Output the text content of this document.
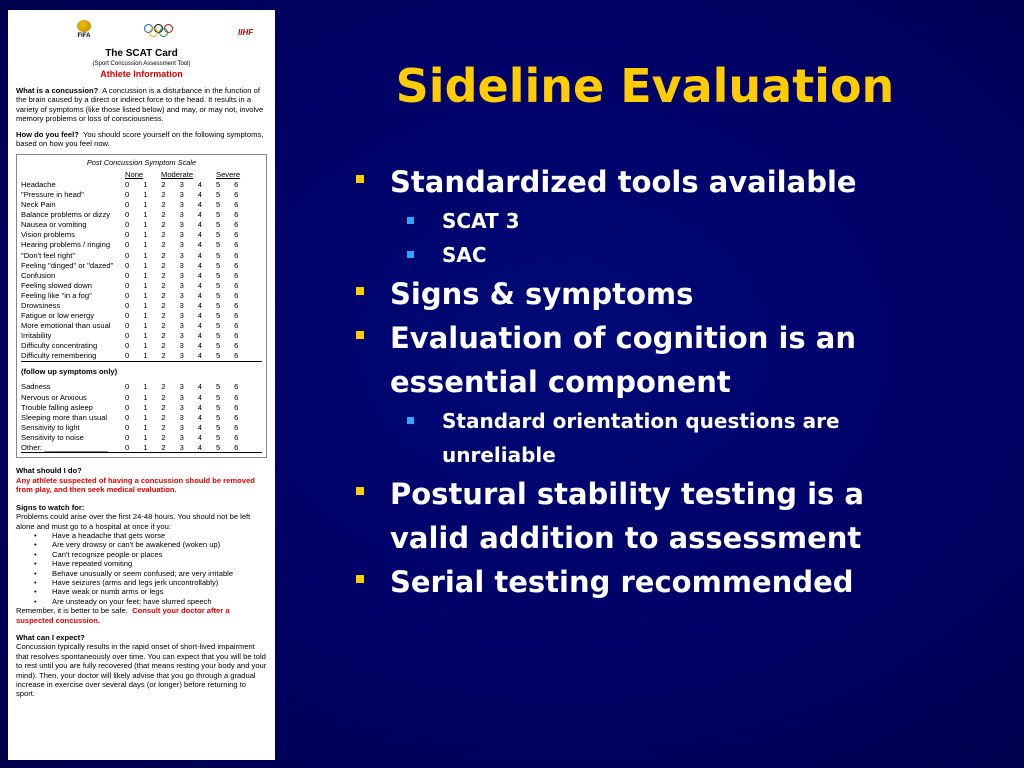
FIFA	IIHF
The SCAT Card
(Sport Concussion Assessment Tool)
Athlete Information

What is a concussion? A concussion is a disturbance in the function of the brain caused by a direct or indirect force to the head. It results in a variety of symptoms (like those listed below) and may, or may not, involve memory problems or loss of consciousness.

How do you feel? You should score yourself on the following symptoms, based on how you feel now.

Post Concussion Symptom Scale
None	Moderate	Severe
Headache	0	1	2	3	4	5	6
"Pressure in head"	0	1	2	3	4	5	6
Neck Pain	0	1	2	3	4	5	6
Balance problems or dizzy	0	1	2	3	4	5	6
Nausea or vomiting	0	1	2	3	4	5	6
Vision problems	0	1	2	3	4	5	6
Hearing problems / ringing	0	1	2	3	4	5	6
"Don't feel right"	0	1	2	3	4	5	6
Feeling "dinged" or "dazed"	0	1	2	3	4	5	6
Confusion	0	1	2	3	4	5	6
Feeling slowed down	0	1	2	3	4	5	6
Feeling like "in a fog"	0	1	2	3	4	5	6
Drowsiness	0	1	2	3	4	5	6
Fatigue or low energy	0	1	2	3	4	5	6
More emotional than usual	0	1	2	3	4	5	6
Irritability	0	1	2	3	4	5	6
Difficulty concentrating	0	1	2	3	4	5	6
Difficulty remembering	0	1	2	3	4	5	6
(follow up symptoms only)
Sadness	0	1	2	3	4	5	6
Nervous or Anxious	0	1	2	3	4	5	6
Trouble falling asleep	0	1	2	3	4	5	6
Sleeping more than usual	0	1	2	3	4	5	6
Sensitivity to light	0	1	2	3	4	5	6
Sensitivity to noise	0	1	2	3	4	5	6
Other: _______________	0	1	2	3	4	5	6

What should I do?
Any athlete suspected of having a concussion should be removed from play, and then seek medical evaluation.

Signs to watch for:
Problems could arise over the first 24-48 hours. You should not be left alone and must go to a hospital at once if you:

• Have a headache that gets worse
• Are very drowsy or can't be awakened (woken up)
• Can't recognize people or places
• Have repeated vomiting
• Behave unusually or seem confused; are very irritable
• Have seizures (arms and legs jerk uncontrollably)
• Have weak or numb arms or legs
• Are unsteady on your feet; have slurred speech

Remember, it is better to be safe. Consult your doctor after a suspected concussion.

What can I expect?
Concussion typically results in the rapid onset of short-lived impairment that resolves spontaneously over time. You can expect that you will be told to rest until you are fully recovered (that means resting your body and your mind). Then, your doctor will likely advise that you go through a gradual increase in exercise over several days (or longer) before returning to sport.

Sideline Evaluation
Standardized tools available
SCAT 3
SAC
Signs & symptoms
Evaluation of cognition is an essential component
Standard orientation questions are unreliable
Postural stability testing is a valid addition to assessment
Serial testing recommended
